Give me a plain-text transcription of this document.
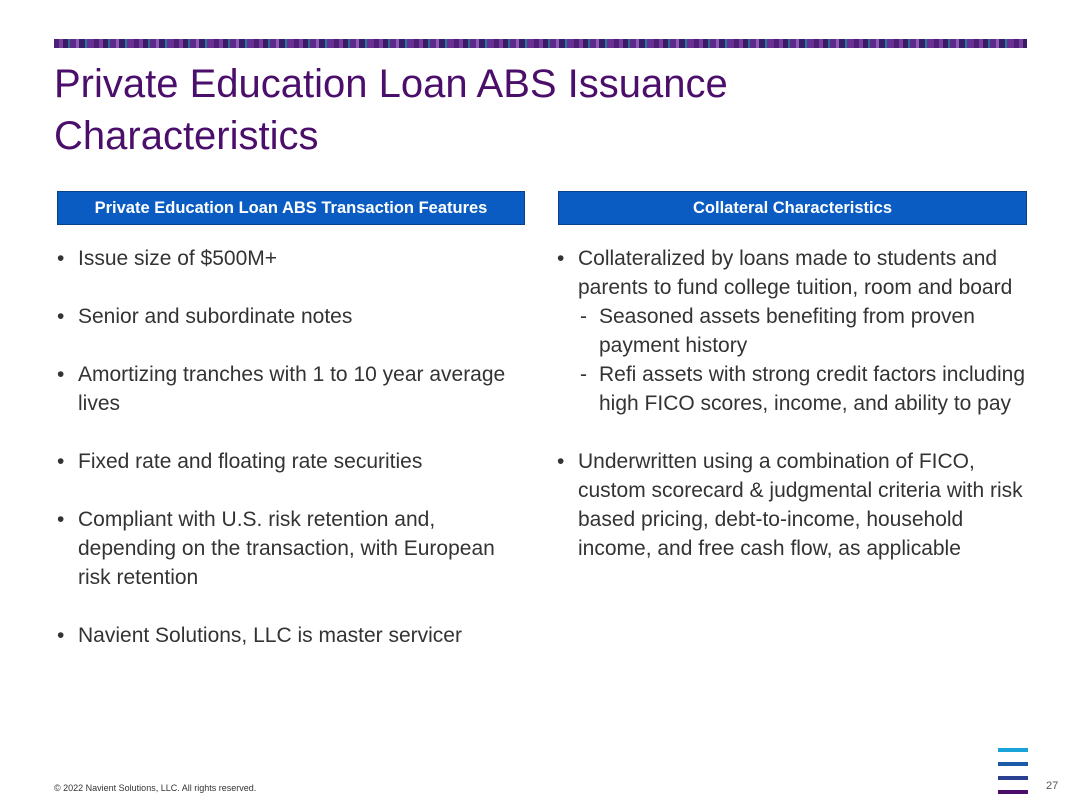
Private Education Loan ABS Issuance Characteristics
Private Education Loan ABS Transaction Features	Collateral Characteristics
• Issue size of $500M+
• Senior and subordinate notes
• Amortizing tranches with 1 to 10 year average lives
• Fixed rate and floating rate securities
• Compliant with U.S. risk retention and, depending on the transaction, with European risk retention
• Navient Solutions, LLC is master servicer
• Collateralized by loans made to students and parents to fund college tuition, room and board
- Seasoned assets benefiting from proven payment history
- Refi assets with strong credit factors including high FICO scores, income, and ability to pay
• Underwritten using a combination of FICO, custom scorecard & judgmental criteria with risk based pricing, debt-to-income, household income, and free cash flow, as applicable
© 2022 Navient Solutions, LLC. All rights reserved.	27
